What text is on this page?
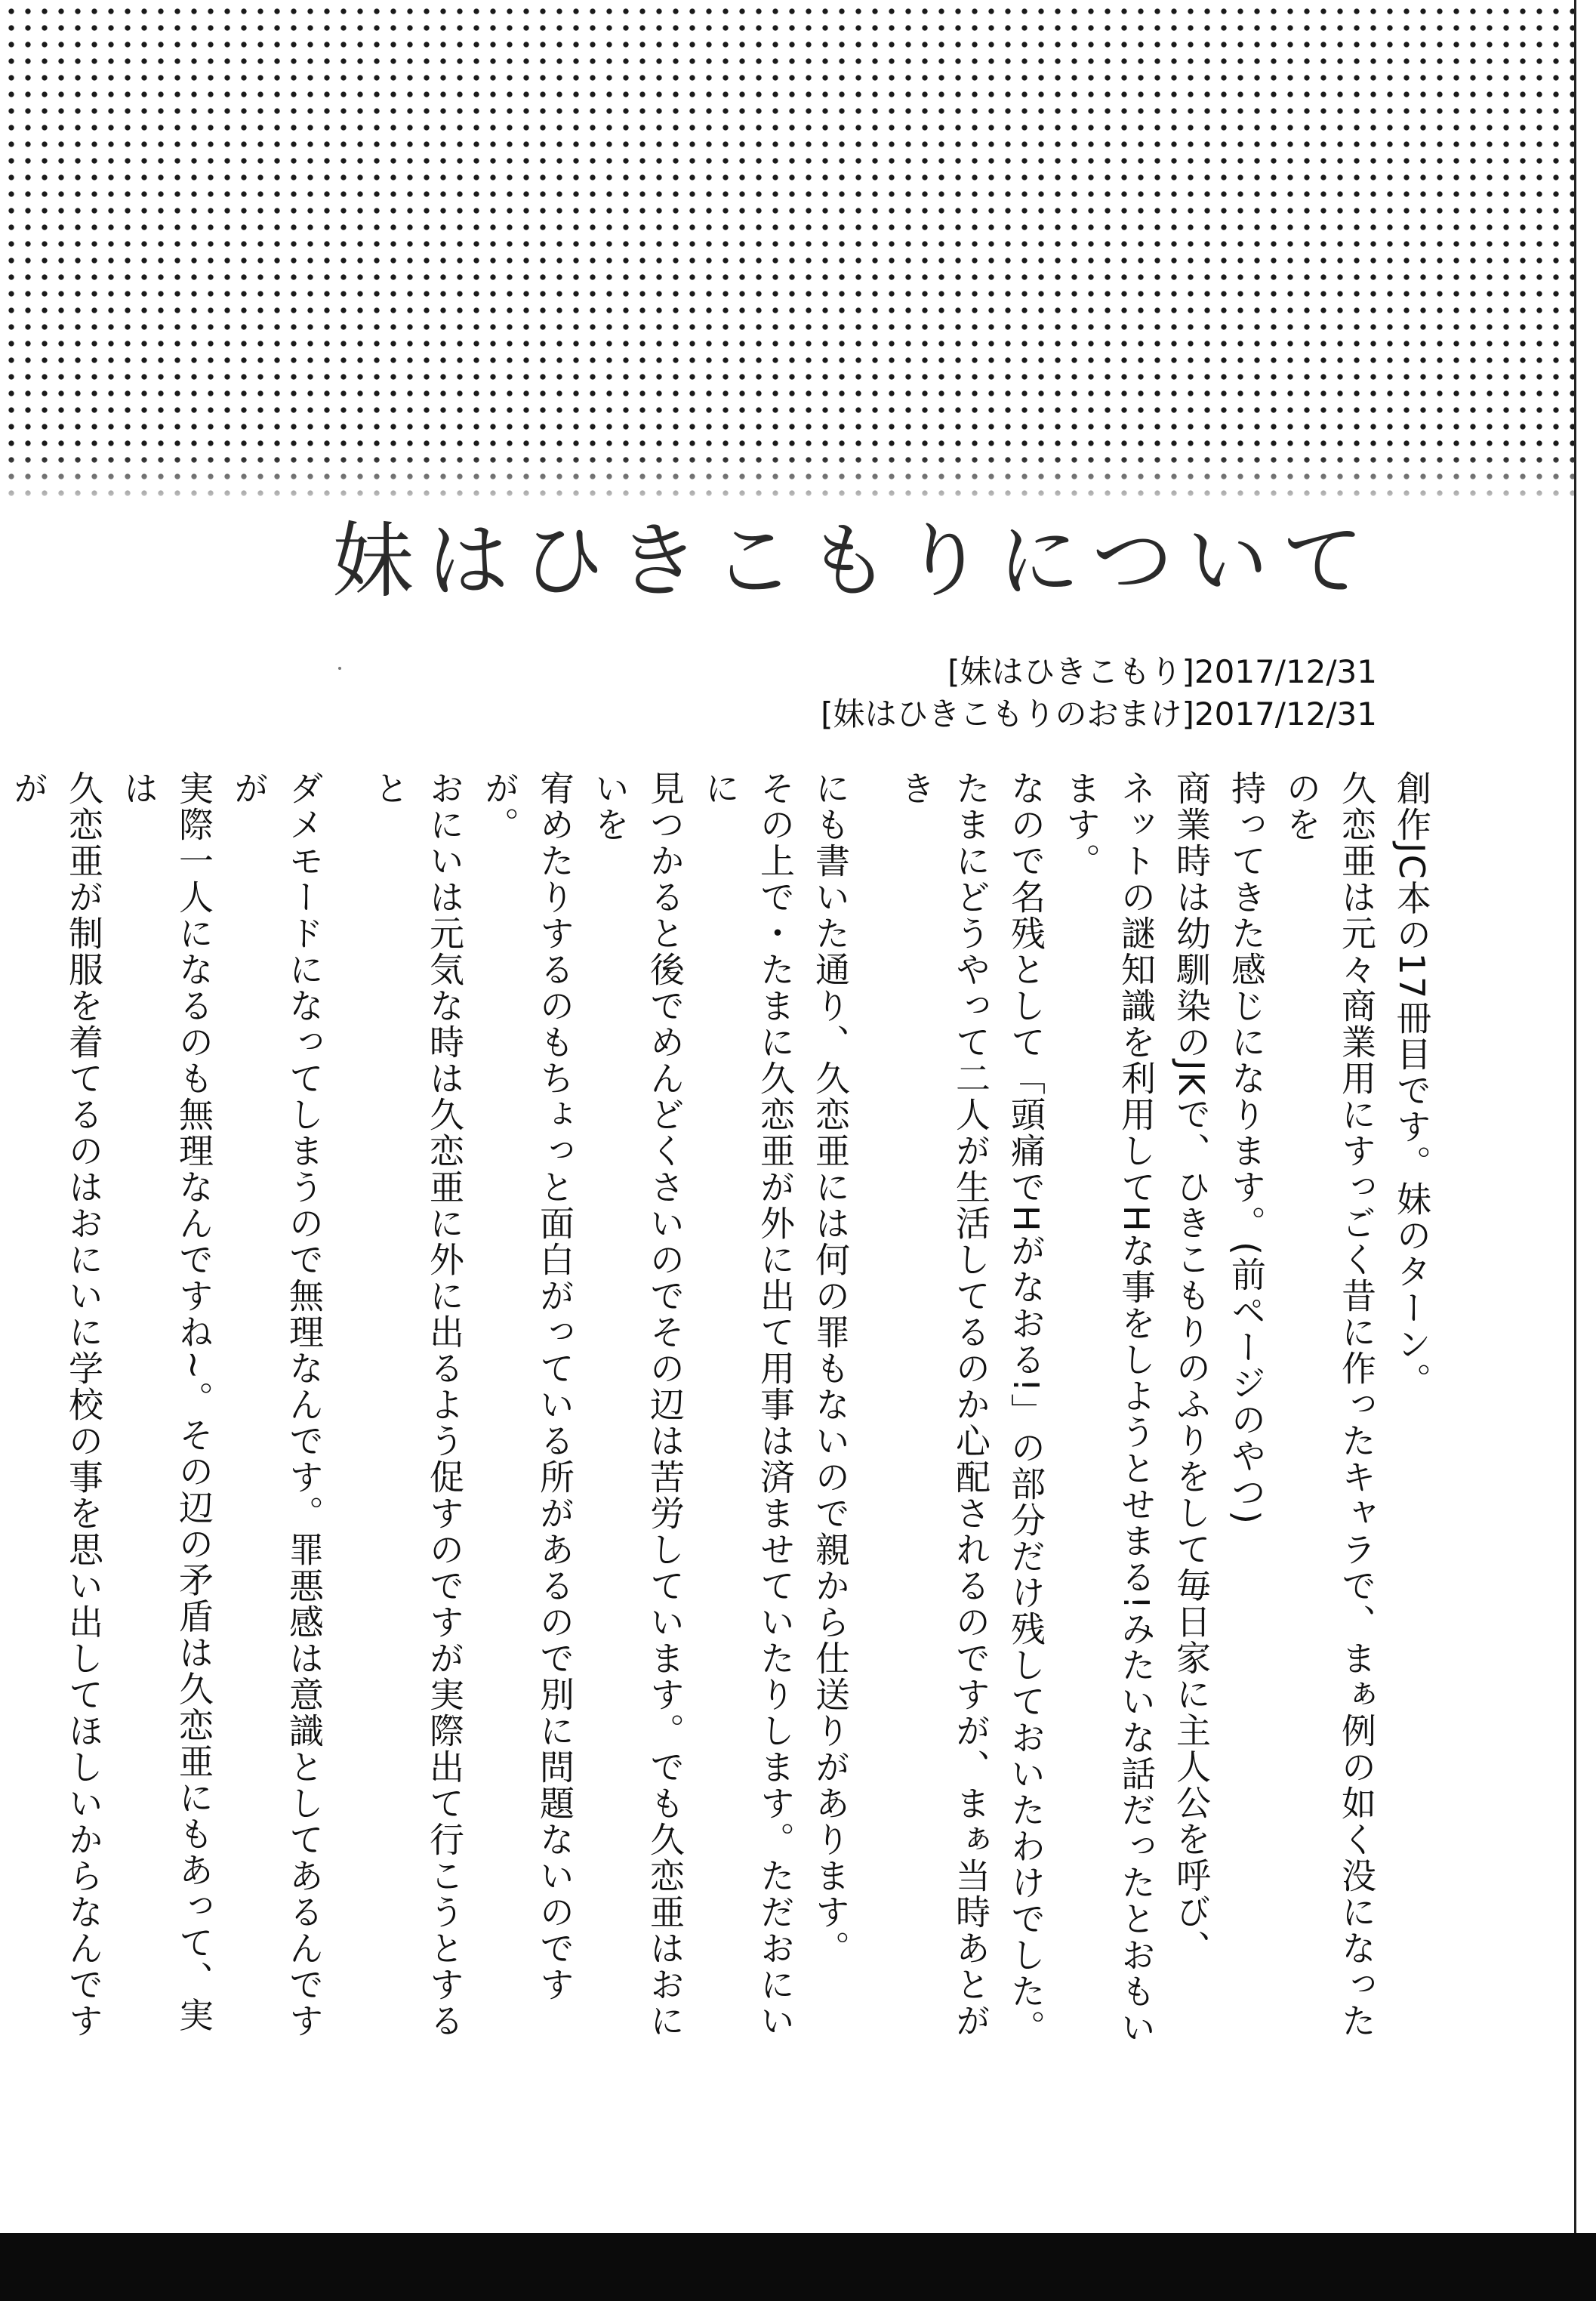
妹はひきこもりについて
[妹はひきこもり]2017/12/31
[妹はひきこもりのおまけ]2017/12/31

創作JC本の17冊目です。妹のターン。

久恋亜は元々商業用にすっごく昔に作ったキャラで、まぁ例の如く没になったのを

持ってきた感じになります。(前ページのやつ)

商業時は幼馴染のJKで、ひきこもりのふりをして毎日家に主人公を呼び、

ネットの謎知識を利用してHな事をしようとせまる!みたいな話だったとおもいます。

なので名残として「頭痛でHがなおる!」の部分だけ残しておいたわけでした。

たまにどうやって二人が生活してるのか心配されるのですが、まぁ当時あとがき

にも書いた通り、久恋亜には何の罪もないので親から仕送りがあります。

その上で・たまに久恋亜が外に出て用事は済ませていたりします。ただおにいに

見つかると後でめんどくさいのでその辺は苦労しています。でも久恋亜はおにいを

宥めたりするのもちょっと面白がっている所があるので別に問題ないのですが。

おにいは元気な時は久恋亜に外に出るよう促すのですが実際出て行こうとすると

ダメモードになってしまうので無理なんです。罪悪感は意識としてあるんですが

実際一人になるのも無理なんですね~。その辺の矛盾は久恋亜にもあって、実は

久恋亜が制服を着てるのはおにいに学校の事を思い出してほしいからなんですが
